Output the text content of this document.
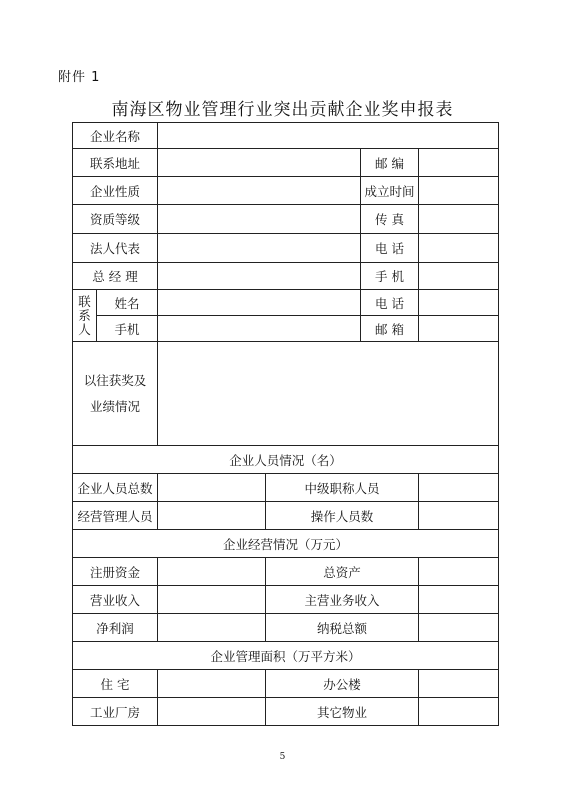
附件 1
南海区物业管理行业突出贡献企业奖申报表
企业名称					
联系地址				邮 编	
企业性质				成立时间	
资质等级				传 真	
法人代表				电 话	
总 经 理				手 机	
联
系
人	姓名			电 话	
	手机			邮 箱	
以往获奖及
业绩情况					
企业人员情况（名）					
企业人员总数			中级职称人员		
经营管理人员			操作人员数		
企业经营情况（万元）					
注册资金			总资产		
营业收入			主营业务收入		
净利润			纳税总额		
企业管理面积（万平方米）					
住 宅			办公楼		
工业厂房			其它物业		
5
